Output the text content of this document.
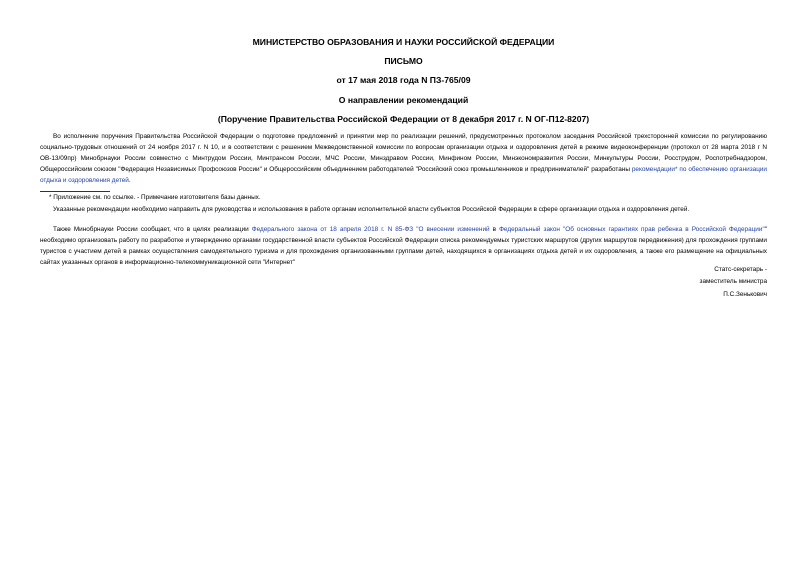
МИНИСТЕРСТВО ОБРАЗОВАНИЯ И НАУКИ РОССИЙСКОЙ ФЕДЕРАЦИИ
ПИСЬМО
от 17 мая 2018 года N ПЗ-765/09
О направлении рекомендаций
(Поручение Правительства Российской Федерации от 8 декабря 2017 г. N ОГ-П12-8207)
Во исполнение поручения Правительства Российской Федерации о подготовке предложений и принятии мер по реализации решений, предусмотренных протоколом заседания Российской трехсторонней комиссии по регулированию социально-трудовых отношений от 24 ноября 2017 г. N 10, и в соответствии с решением Межведомственной комиссии по вопросам организации отдыха и оздоровления детей в режиме видеоконференции (протокол от 28 марта 2018 г N ОВ-13/09пр) Минобрнауки России совместно с Минтрудом России, Минтрансом России, МЧС России, Минздравом России, Минфином России, Минэкономразвития России, Минкультуры России, Росструдом, Роспотребнадзором, Общероссийским союзом "Федерация Независимых Профсоюзов России" и Общероссийским объединением работодателей "Российский союз промышленников и предпринимателей" разработаны рекомендации* по обеспечению организации отдыха и оздоровления детей.
* Приложение см. по ссылке. - Примечание изготовителя базы данных.
Указанные рекомендации необходимо направить для руководства и использования в работе органам исполнительной власти субъектов Российской Федерации в сфере организации отдыха и оздоровления детей.
Также Минобрнауки России сообщает, что в целях реализации Федерального закона от 18 апреля 2018 г. N 85-ФЗ "О внесении изменений в Федеральный закон "Об основных гарантиях прав ребенка в Российской Федерации"" необходимо организовать работу по разработке и утверждению органами государственной власти субъектов Российской Федерации списка рекомендуемых туристских маршрутов (других маршрутов передвижения) для прохождения группами туристов с участием детей в рамках осуществления самодеятельного туризма и для прохождения организованными группами детей, находящихся в организациях отдыха детей и их оздоровления, а также его размещение на официальных сайтах указанных органов в информационно-телекоммуникационной сети "Интернет"
Статс-секретарь -
заместитель министра
П.С.Зенькович
